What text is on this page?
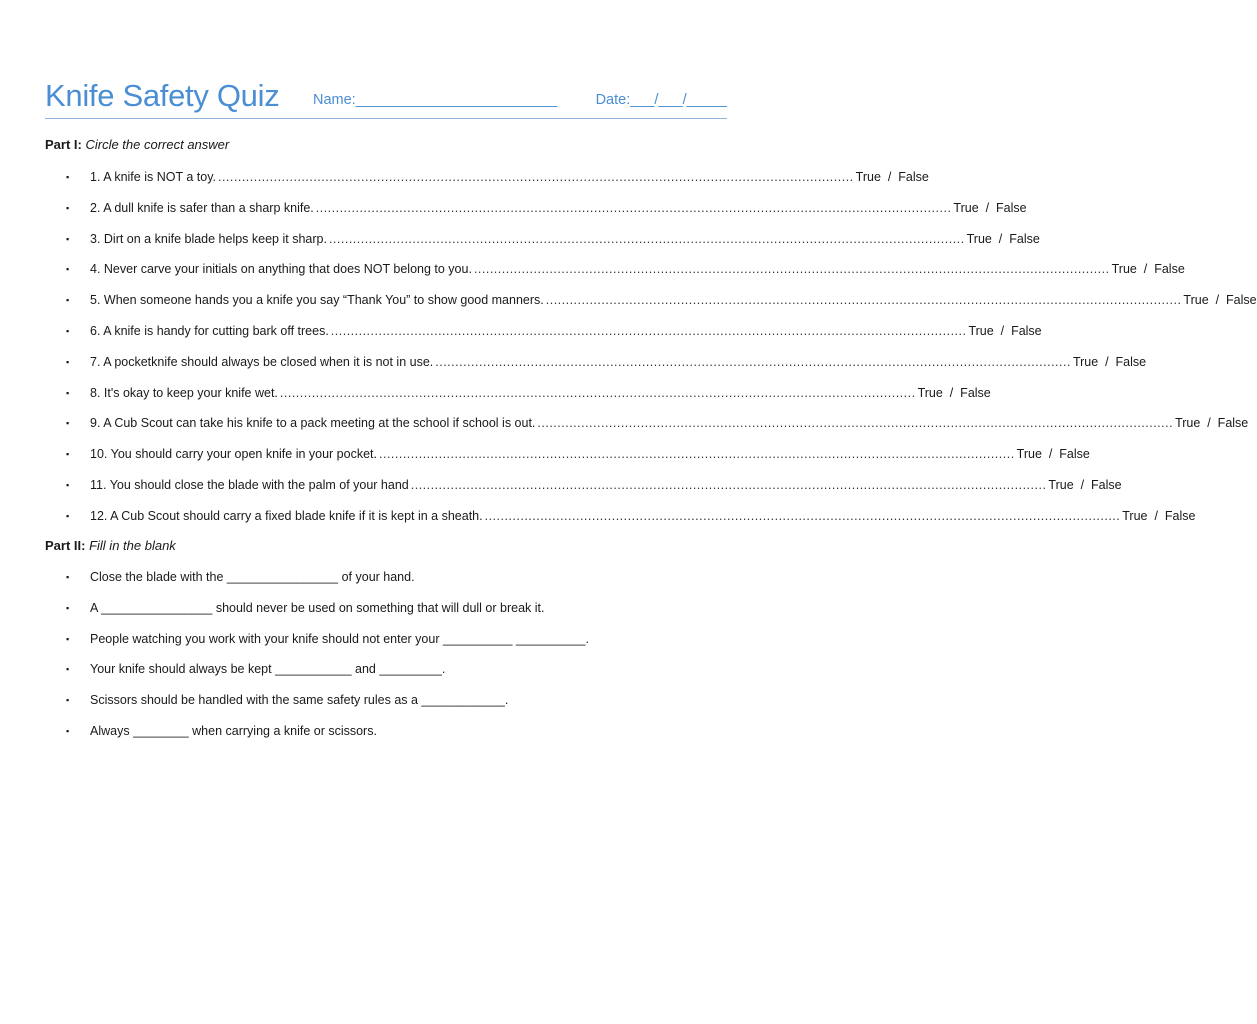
Knife Safety Quiz Name:_________________________	Date:___/___/_____
Part I: Circle the correct answer
▪	1. A knife is NOT a toy. ................................................................................................................................................................ True  /  False
▪	2. A dull knife is safer than a sharp knife. ................................................................................................................................................................ True  /  False
▪	3. Dirt on a knife blade helps keep it sharp. ................................................................................................................................................................ True  /  False
▪	4. Never carve your initials on anything that does NOT belong to you. ................................................................................................................................................................ True  /  False
▪	5. When someone hands you a knife you say “Thank You” to show good manners. ................................................................................................................................................................ True  /  False
▪	6. A knife is handy for cutting bark off trees. ................................................................................................................................................................ True  /  False
▪	7. A pocketknife should always be closed when it is not in use. ................................................................................................................................................................ True  /  False
▪	8. It's okay to keep your knife wet. ................................................................................................................................................................ True  /  False
▪	9. A Cub Scout can take his knife to a pack meeting at the school if school is out. ................................................................................................................................................................ True  /  False
▪	10. You should carry your open knife in your pocket. ................................................................................................................................................................ True  /  False
▪	11. You should close the blade with the palm of your hand ................................................................................................................................................................ True  /  False
▪	12. A Cub Scout should carry a fixed blade knife if it is kept in a sheath. ................................................................................................................................................................ True  /  False
Part II: Fill in the blank
▪	Close the blade with the ________________ of your hand.
▪	A ________________ should never be used on something that will dull or break it.
▪	People watching you work with your knife should not enter your __________ __________.
▪	Your knife should always be kept ___________ and _________.
▪	Scissors should be handled with the same safety rules as a ____________.
▪	Always ________ when carrying a knife or scissors.
